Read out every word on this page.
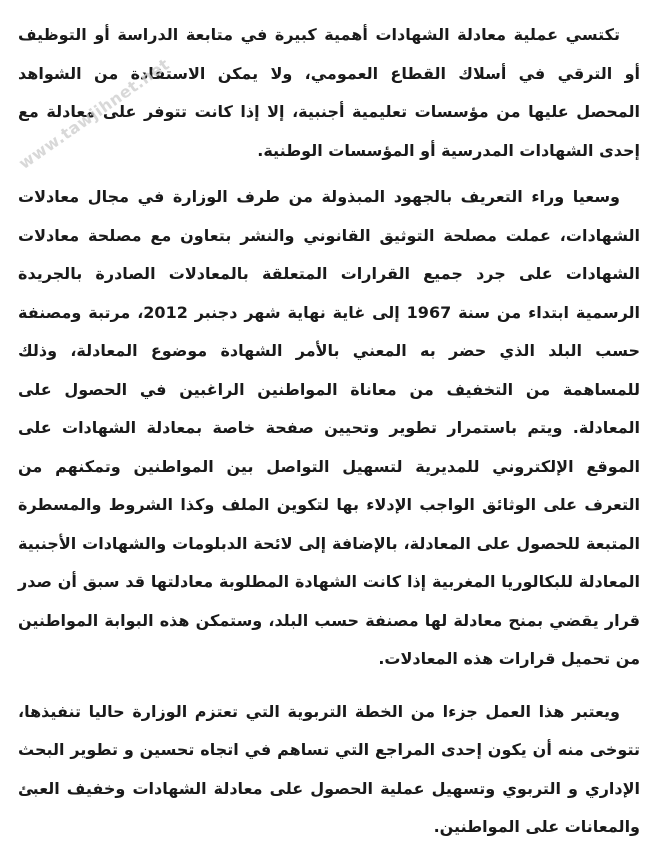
www.tawjihnet.net

تكتسي عملية معادلة الشهادات أهمية كبيرة في متابعة الدراسة أو التوظيف أو الترقي في أسلاك القطاع العمومي، ولا يمكن الاستفادة من الشواهد المحصل عليها من مؤسسات تعليمية أجنبية، إلا إذا كانت تتوفر على معادلة مع إحدى الشهادات المدرسية أو المؤسسات الوطنية.

وسعيا وراء التعريف بالجهود المبذولة من طرف الوزارة في مجال معادلات الشهادات، عملت مصلحة التوثيق القانوني والنشر بتعاون مع مصلحة معادلات الشهادات على جرد جميع القرارات المتعلقة بالمعادلات الصادرة بالجريدة الرسمية ابتداء من سنة 1967 إلى غاية نهاية شهر دجنبر 2012، مرتبة ومصنفة حسب البلد الذي حضر به المعني بالأمر الشهادة موضوع المعادلة، وذلك للمساهمة من التخفيف من معاناة المواطنين الراغبين في الحصول على المعادلة. ويتم باستمرار تطوير وتحيين صفحة خاصة بمعادلة الشهادات على الموقع الإلكتروني للمديرية لتسهيل التواصل بين المواطنين وتمكنهم من التعرف على الوثائق الواجب الإدلاء بها لتكوين الملف وكذا الشروط والمسطرة المتبعة للحصول على المعادلة، بالإضافة إلى لائحة الدبلومات والشهادات الأجنبية المعادلة للبكالوريا المغربية إذا كانت الشهادة المطلوبة معادلتها قد سبق أن صدر قرار يقضي بمنح معادلة لها مصنفة حسب البلد، وستمكن هذه البوابة المواطنين من تحميل قرارات هذه المعادلات.

ويعتبر هذا العمل جزءا من الخطة التربوية التي تعتزم الوزارة حاليا تنفيذها، تتوخى منه أن يكون إحدى المراجع التي تساهم في اتجاه تحسين و تطوير البحث الإداري و التربوي وتسهيل عملية الحصول على معادلة الشهادات وخفيف العبئ والمعانات على المواطنين.
